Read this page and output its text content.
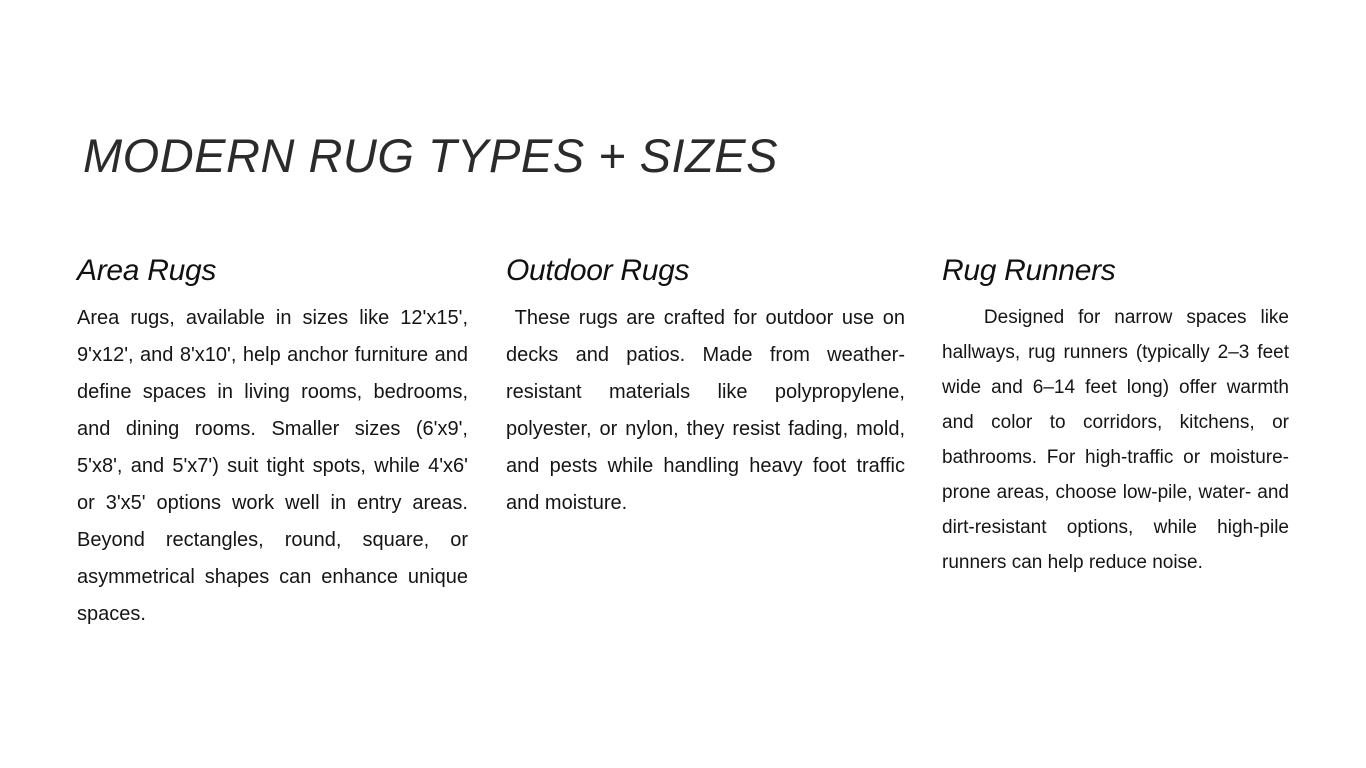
MODERN RUG TYPES + SIZES
Area Rugs

Area rugs, available in sizes like 12'x15', 9'x12', and 8'x10', help anchor furniture and define spaces in living rooms, bedrooms, and dining rooms. Smaller sizes (6'x9', 5'x8', and 5'x7') suit tight spots, while 4'x6' or 3'x5' options work well in entry areas. Beyond rectangles, round, square, or asymmetrical shapes can enhance unique spaces.

Outdoor Rugs

These rugs are crafted for outdoor use on decks and patios. Made from weather-resistant materials like polypropylene, polyester, or nylon, they resist fading, mold, and pests while handling heavy foot traffic and moisture.

Rug Runners

Designed for narrow spaces like hallways, rug runners (typically 2–3 feet wide and 6–14 feet long) offer warmth and color to corridors, kitchens, or bathrooms. For high-traffic or moisture-prone areas, choose low-pile, water- and dirt-resistant options, while high-pile runners can help reduce noise.
